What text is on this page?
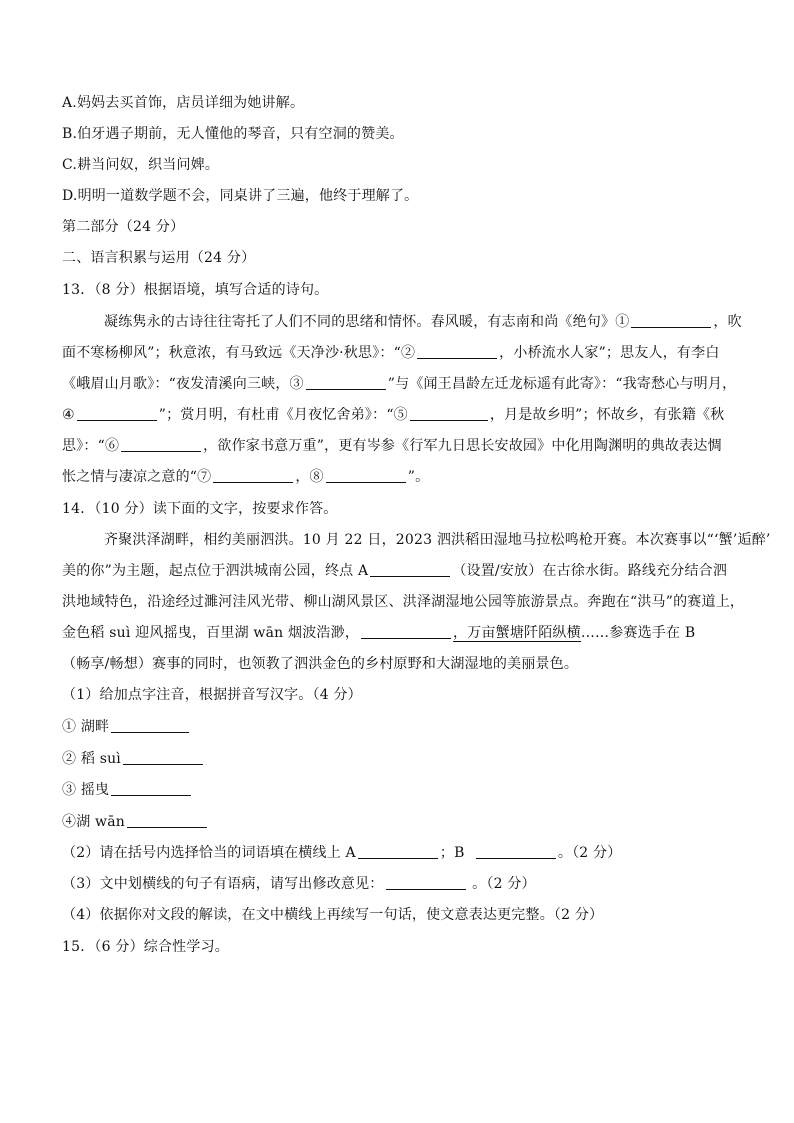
A.妈妈去买首饰，店员详细为她讲解。
B.伯牙遇子期前，无人懂他的琴音，只有空洞的赞美。
C.耕当问奴，织当问婢。
D.明明一道数学题不会，同桌讲了三遍，他终于理解了。
第二部分（24 分）
二、语言积累与运用（24 分）
13．（8 分）根据语境，填写合适的诗句。
凝练隽永的古诗往往寄托了人们不同的思绪和情怀。春风暖，有志南和尚《绝句》①	，吹
面不寒杨柳风”；秋意浓，有马致远《天净沙·秋思》：“②	，小桥流水人家”；思友人，有李白
《峨眉山月歌》：“夜发清溪向三峡，③	”与《闻王昌龄左迁龙标遥有此寄》：“我寄愁心与明月，
④	”；赏月明，有杜甫《月夜忆舍弟》：“⑤	，月是故乡明”；怀故乡，有张籍《秋
思》：“⑥	，欲作家书意万重”，更有岑参《行军九日思长安故园》中化用陶渊明的典故表达惆
怅之情与凄凉之意的“⑦	，⑧	”。
14．（10 分）读下面的文字，按要求作答。
齐聚洪泽湖畔，相约美丽泗洪。10 月 22 日，2023 泗洪稻田湿地马拉松鸣枪开赛。本次赛事以“‘蟹’逅醉’
美的你”为主题，起点位于泗洪城南公园，终点 A	（设置/安放）在古徐水街。路线充分结合泗
洪地域特色，沿途经过濉河洼风光带、柳山湖风景区、洪泽湖湿地公园等旅游景点。奔跑在“洪马”的赛道上，
金色稻 suì 迎风摇曳，百里湖 wān 烟波浩渺，	，万亩蟹塘阡陌纵横……参赛选手在 B
（畅享/畅想）赛事的同时，也领教了泗洪金色的乡村原野和大湖湿地的美丽景色。
（1）给加点字注音，根据拼音写汉字。（4 分）
① 湖畔
② 稻 suì
③ 摇曳
④湖 wān
（2）请在括号内选择恰当的词语填在横线上 A	；B	。（2 分）
（3）文中划横线的句子有语病，请写出修改意见：	。（2 分）
（4）依据你对文段的解读，在文中横线上再续写一句话，使文意表达更完整。（2 分）
15．（6 分）综合性学习。
